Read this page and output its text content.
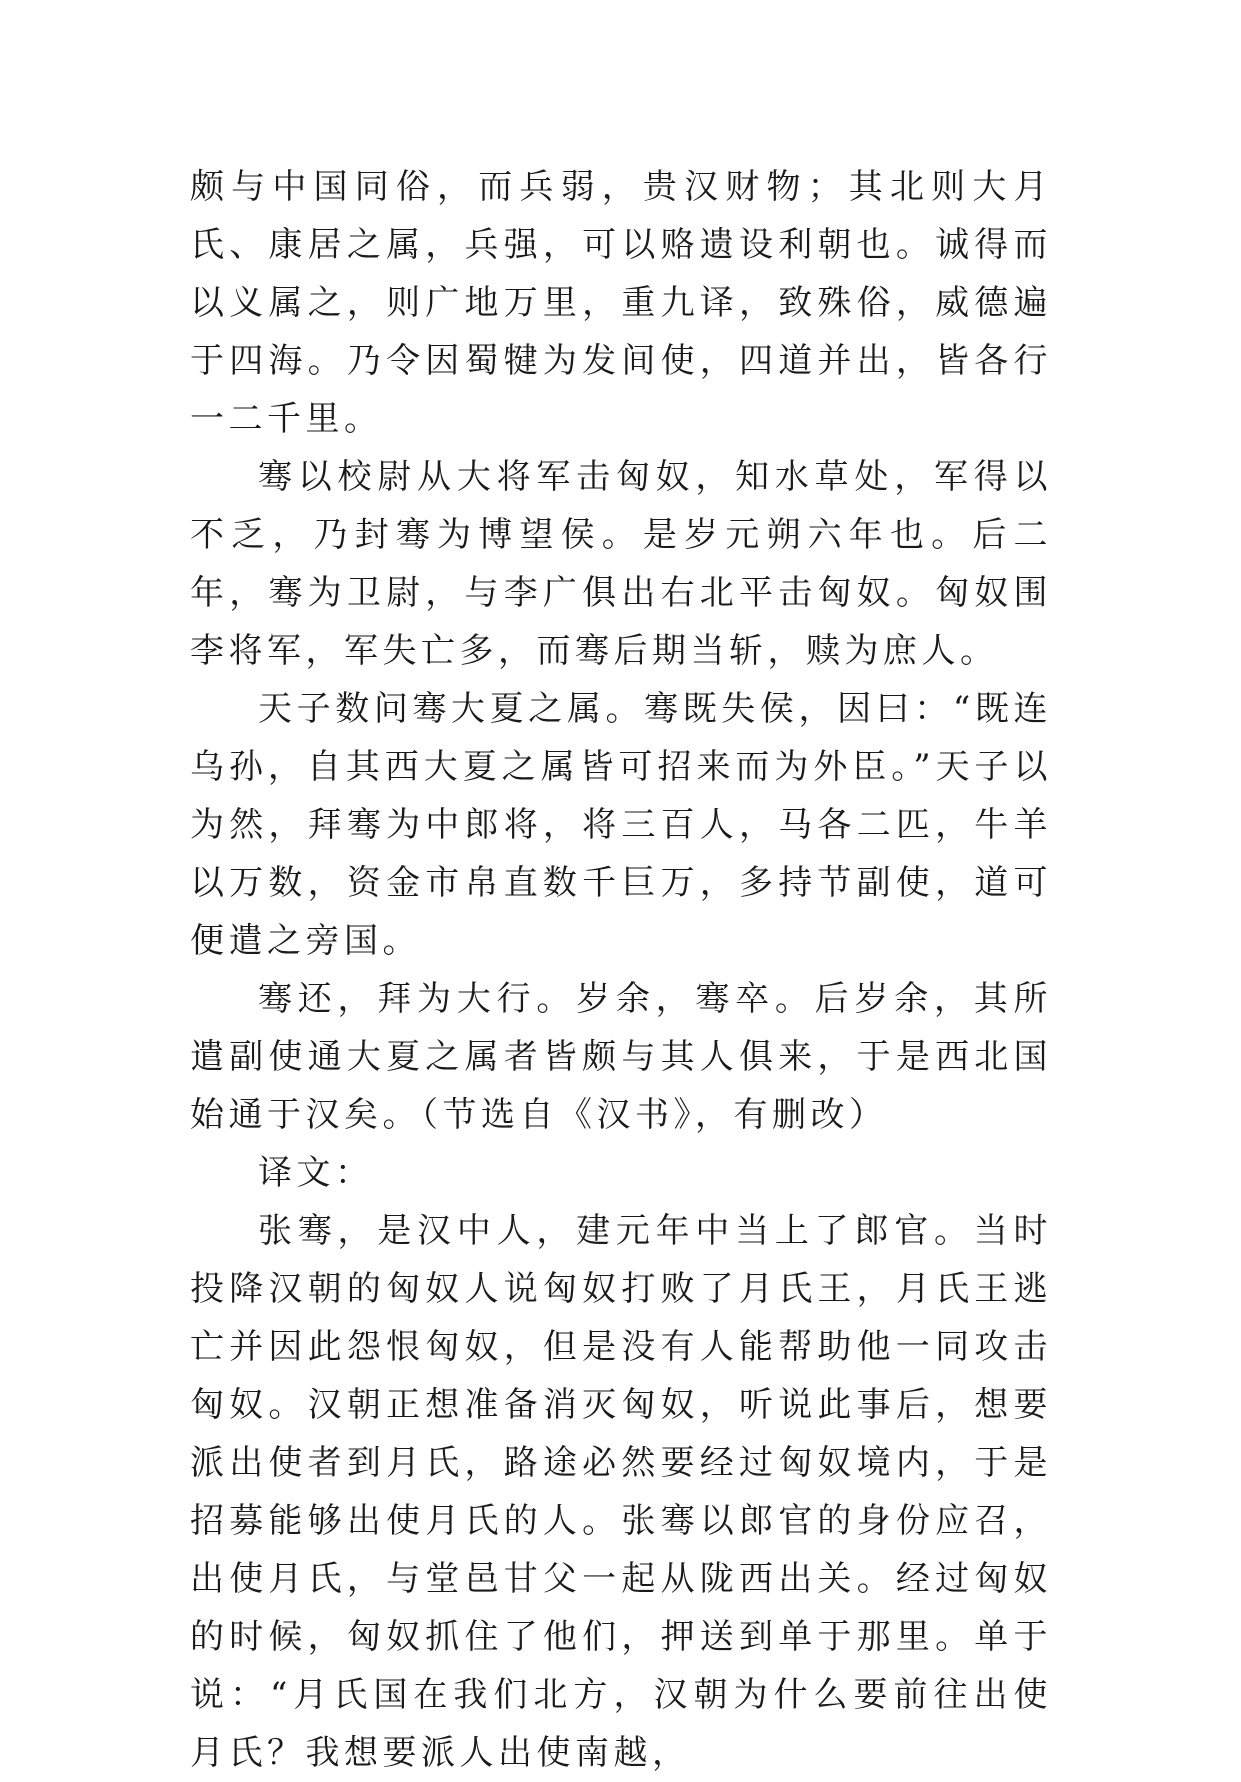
颇与中国同俗，而兵弱，贵汉财物；其北则大月氏、康居之属，兵强，可以赂遗设利朝也。诚得而以义属之，则广地万里，重九译，致殊俗，威德遍于四海。乃令因蜀犍为发间使，四道并出，皆各行一二千里。

骞以校尉从大将军击匈奴，知水草处，军得以不乏，乃封骞为博望侯。是岁元朔六年也。后二年，骞为卫尉，与李广俱出右北平击匈奴。匈奴围李将军，军失亡多，而骞后期当斩，赎为庶人。

天子数问骞大夏之属。骞既失侯，因曰：“既连乌孙，自其西大夏之属皆可招来而为外臣。”天子以为然，拜骞为中郎将，将三百人，马各二匹，牛羊以万数，资金市帛直数千巨万，多持节副使，道可便遣之旁国。

骞还，拜为大行。岁余，骞卒。后岁余，其所遣副使通大夏之属者皆颇与其人俱来，于是西北国始通于汉矣。（节选自《汉书》，有删改）

译文：

张骞，是汉中人，建元年中当上了郎官。当时投降汉朝的匈奴人说匈奴打败了月氏王，月氏王逃亡并因此怨恨匈奴，但是没有人能帮助他一同攻击匈奴。汉朝正想准备消灭匈奴，听说此事后，想要派出使者到月氏，路途必然要经过匈奴境内，于是招募能够出使月氏的人。张骞以郎官的身份应召，出使月氏，与堂邑甘父一起从陇西出关。经过匈奴的时候，匈奴抓住了他们，押送到单于那里。单于说：“月氏国在我们北方，汉朝为什么要前往出使月氏？我想要派人出使南越，
